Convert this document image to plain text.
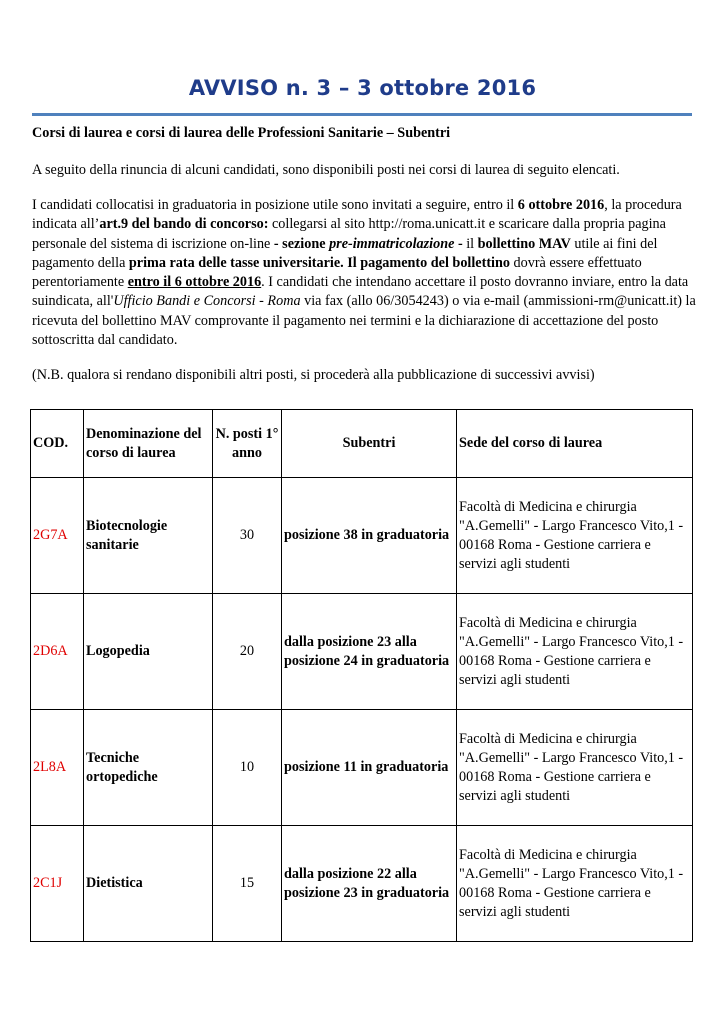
AVVISO n. 3 – 3 ottobre 2016
Corsi di laurea e corsi di laurea delle Professioni Sanitarie – Subentri
A seguito della rinuncia di alcuni candidati, sono disponibili posti nei corsi di laurea di seguito elencati.
I candidati collocatisi in graduatoria in posizione utile sono invitati a seguire, entro il 6 ottobre 2016, la procedura indicata all’art.9 del bando di concorso: collegarsi al sito http://roma.unicatt.it e scaricare dalla propria pagina personale del sistema di iscrizione on-line - sezione pre-immatricolazione - il bollettino MAV utile ai fini del pagamento della prima rata delle tasse universitarie. Il pagamento del bollettino dovrà essere effettuato perentoriamente entro il 6 ottobre 2016. I candidati che intendano accettare il posto dovranno inviare, entro la data suindicata, all'Ufficio Bandi e Concorsi - Roma via fax (allo 06/3054243) o via e-mail (ammissioni-rm@unicatt.it) la ricevuta del bollettino MAV comprovante il pagamento nei termini e la dichiarazione di accettazione del posto sottoscritta dal candidato.
(N.B. qualora si rendano disponibili altri posti, si procederà alla pubblicazione di successivi avvisi)
COD.	Denominazione del corso di laurea	N. posti 1° anno	Subentri	Sede del corso di laurea
2G7A	Biotecnologie sanitarie	30	posizione 38 in graduatoria	Facoltà di Medicina e chirurgia "A.Gemelli" - Largo Francesco Vito,1 - 00168 Roma - Gestione carriera e servizi agli studenti
2D6A	Logopedia	20	dalla posizione 23 alla posizione 24 in graduatoria	Facoltà di Medicina e chirurgia "A.Gemelli" - Largo Francesco Vito,1 - 00168 Roma - Gestione carriera e servizi agli studenti
2L8A	Tecniche ortopediche	10	posizione 11 in graduatoria	Facoltà di Medicina e chirurgia "A.Gemelli" - Largo Francesco Vito,1 - 00168 Roma - Gestione carriera e servizi agli studenti
2C1J	Dietistica	15	dalla posizione 22 alla posizione 23 in graduatoria	Facoltà di Medicina e chirurgia "A.Gemelli" - Largo Francesco Vito,1 - 00168 Roma - Gestione carriera e servizi agli studenti
